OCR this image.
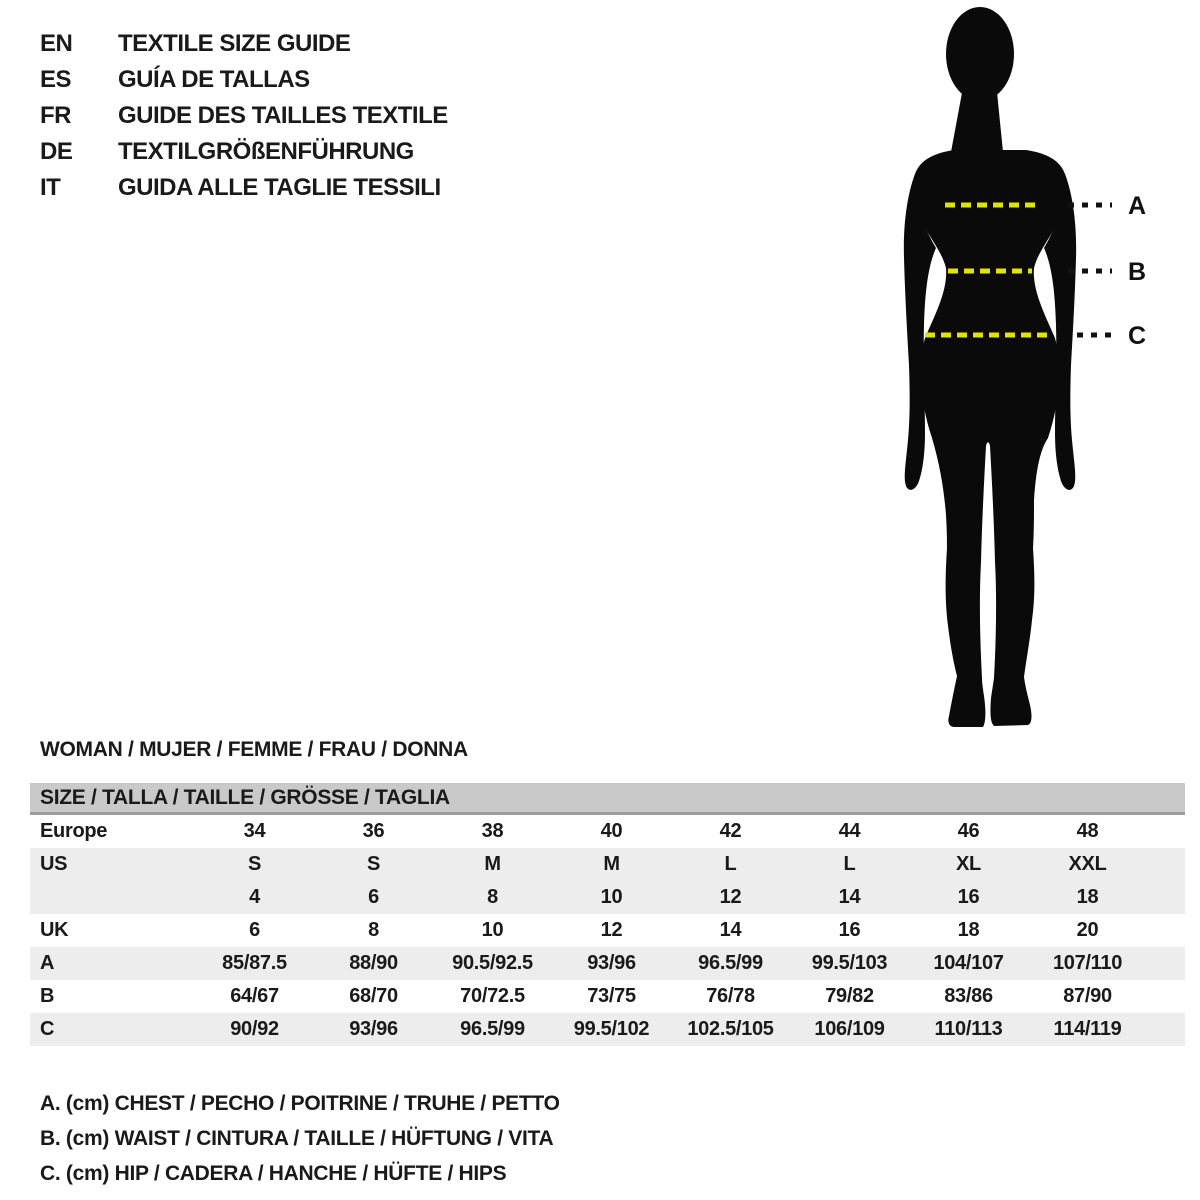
EN	TEXTILE SIZE GUIDE
ES	GUÍA DE TALLAS
FR	GUIDE DES TAILLES TEXTILE
DE	TEXTILGRÖßENFÜHRUNG
IT	GUIDA ALLE TAGLIE TESSILI
A
B
C
WOMAN / MUJER / FEMME / FRAU / DONNA
SIZE / TALLA / TAILLE / GRÖSSE / TAGLIA
Europe	34	36	38	40	42	44	46	48	
US	S	S	M	M	L	L	XL	XXL	
	4	6	8	10	12	14	16	18	
UK	6	8	10	12	14	16	18	20	
A	85/87.5	88/90	90.5/92.5	93/96	96.5/99	99.5/103	104/107	107/110	
B	64/67	68/70	70/72.5	73/75	76/78	79/82	83/86	87/90	
C	90/92	93/96	96.5/99	99.5/102	102.5/105	106/109	110/113	114/119	
A. (cm) CHEST / PECHO / POITRINE / TRUHE / PETTO
B. (cm) WAIST / CINTURA / TAILLE / HÜFTUNG / VITA
C. (cm) HIP / CADERA / HANCHE / HÜFTE / HIPS
